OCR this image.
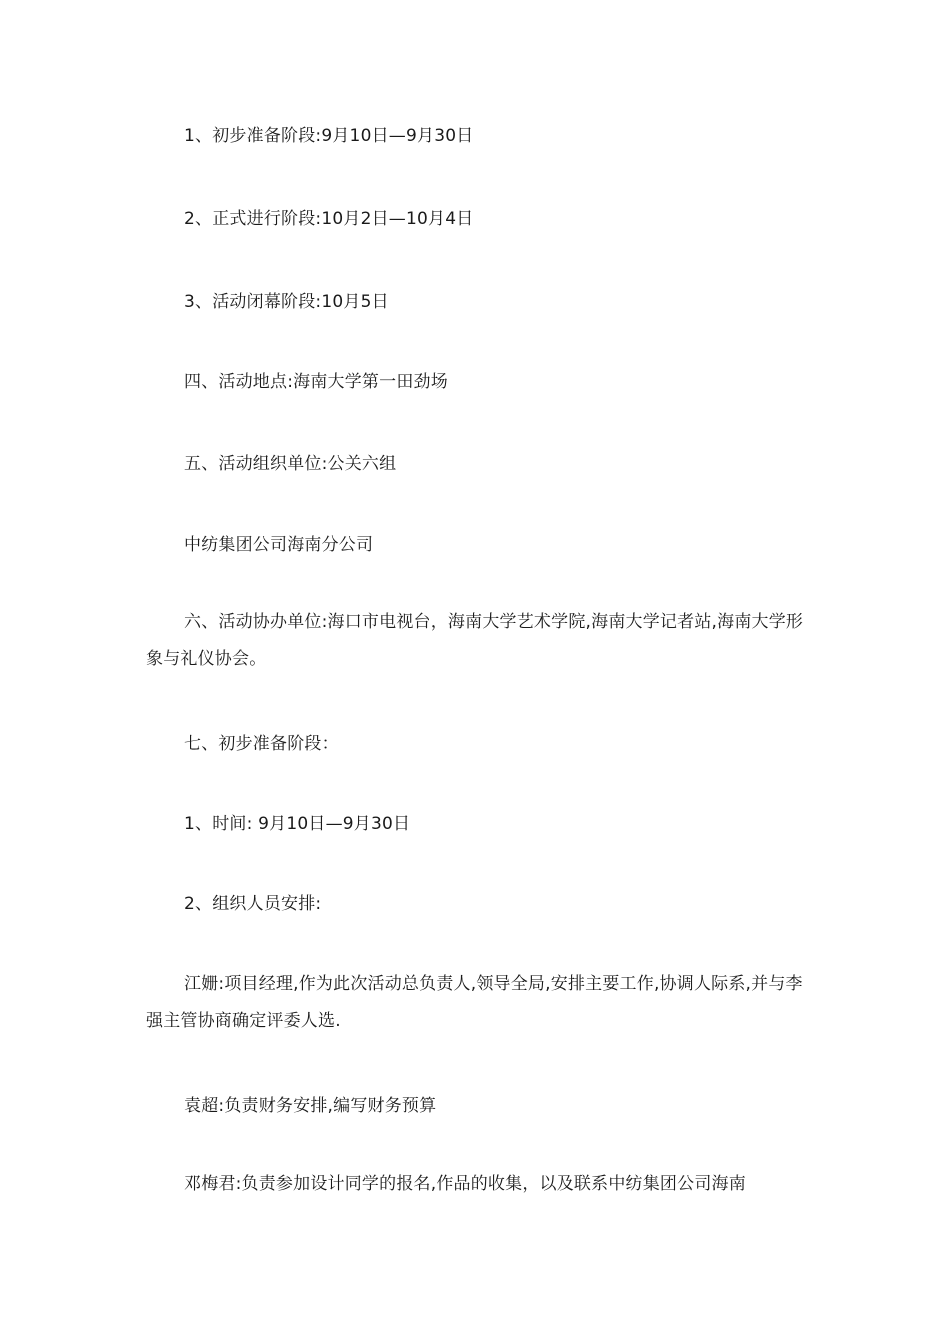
1、初步准备阶段:9月10日—9月30日

2、正式进行阶段:10月2日—10月4日

3、活动闭幕阶段:10月5日

四、活动地点:海南大学第一田劲场

五、活动组织单位:公关六组

中纺集团公司海南分公司

六、活动协办单位:海口市电视台，海南大学艺术学院,海南大学记者站,海南大学形象与礼仪协会。

七、初步准备阶段：

1、时间: 9月10日—9月30日

2、组织人员安排:

江姗:项目经理,作为此次活动总负责人,领导全局,安排主要工作,协调人际系,并与李强主管协商确定评委人选.

袁超:负责财务安排,编写财务预算

邓梅君:负责参加设计同学的报名,作品的收集，以及联系中纺集团公司海南
